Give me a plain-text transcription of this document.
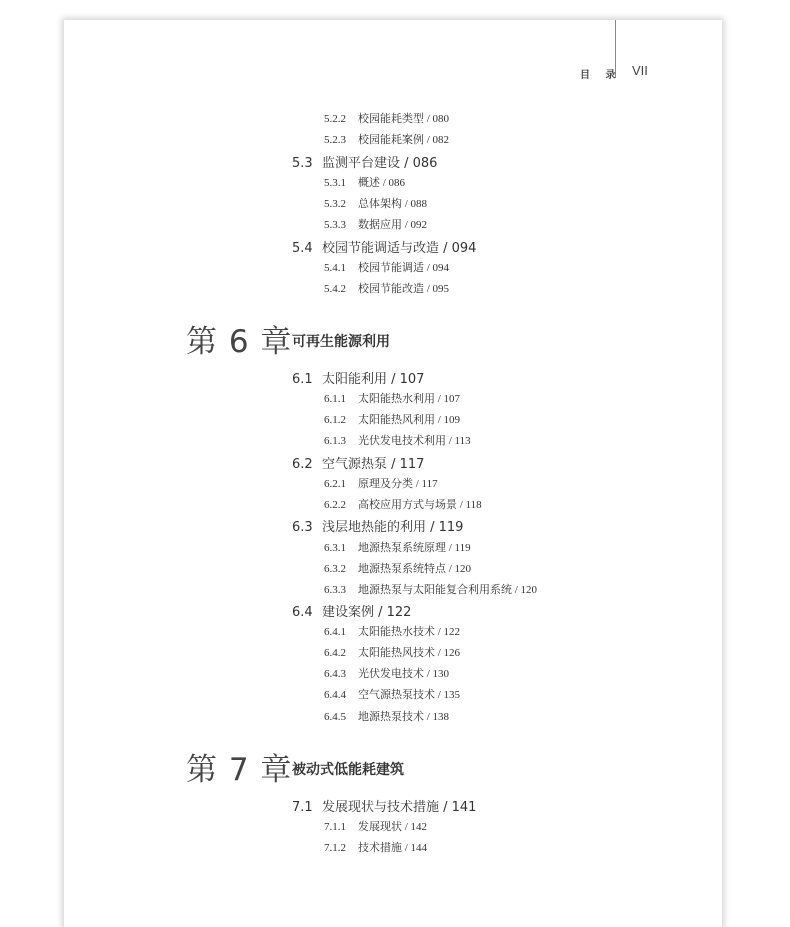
目 录 VII
5.2.2 校园能耗类型 / 080
5.2.3 校园能耗案例 / 082
5.3 监测平台建设 / 086
5.3.1 概述 / 086
5.3.2 总体架构 / 088
5.3.3 数据应用 / 092
5.4 校园节能调适与改造 / 094
5.4.1 校园节能调适 / 094
5.4.2 校园节能改造 / 095
第 6 章 可再生能源利用
6.1 太阳能利用 / 107
6.1.1 太阳能热水利用 / 107
6.1.2 太阳能热风利用 / 109
6.1.3 光伏发电技术利用 / 113
6.2 空气源热泵 / 117
6.2.1 原理及分类 / 117
6.2.2 高校应用方式与场景 / 118
6.3 浅层地热能的利用 / 119
6.3.1 地源热泵系统原理 / 119
6.3.2 地源热泵系统特点 / 120
6.3.3 地源热泵与太阳能复合利用系统 / 120
6.4 建设案例 / 122
6.4.1 太阳能热水技术 / 122
6.4.2 太阳能热风技术 / 126
6.4.3 光伏发电技术 / 130
6.4.4 空气源热泵技术 / 135
6.4.5 地源热泵技术 / 138
第 7 章 被动式低能耗建筑
7.1 发展现状与技术措施 / 141
7.1.1 发展现状 / 142
7.1.2 技术措施 / 144
